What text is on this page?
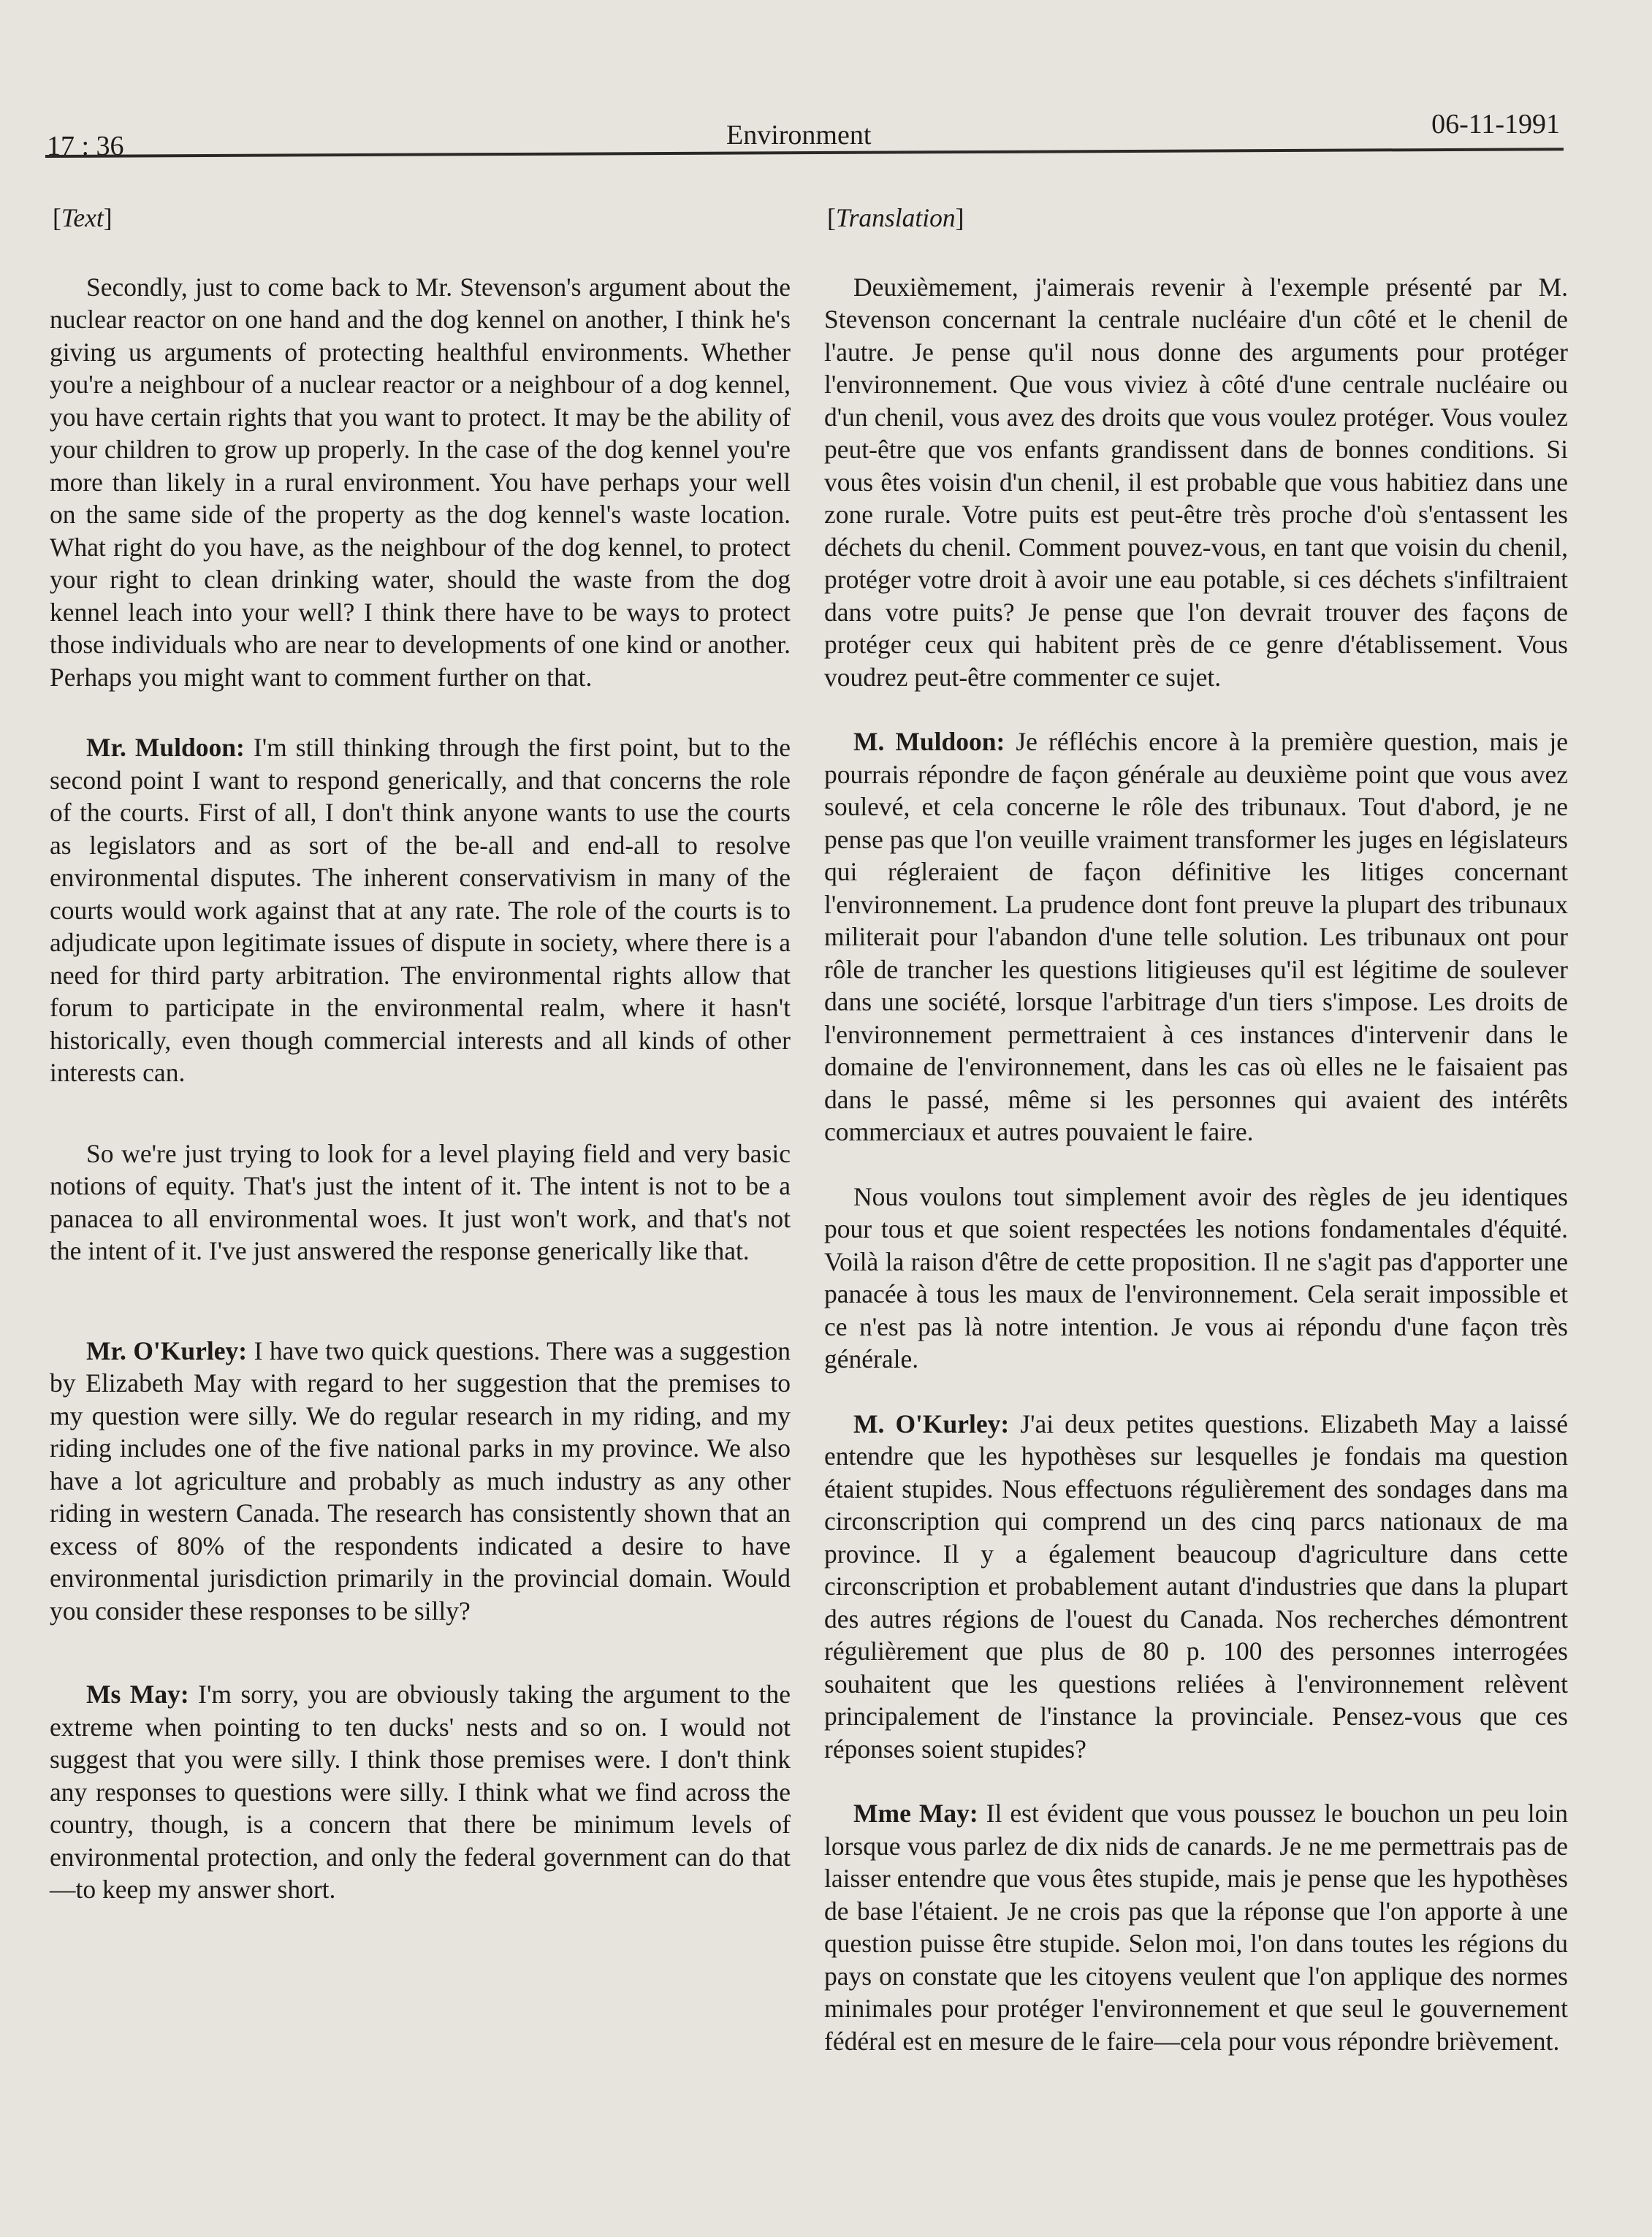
17 : 36	Environment	06-11-1991
[ Text ]

Secondly, just to come back to Mr. Stevenson's argument about the nuclear reactor on one hand and the dog kennel on another, I think he's giving us arguments of protecting healthful environments. Whether you're a neighbour of a nuclear reactor or a neighbour of a dog kennel, you have certain rights that you want to protect. It may be the ability of your children to grow up properly. In the case of the dog kennel you're more than likely in a rural environment. You have perhaps your well on the same side of the property as the dog kennel's waste location. What right do you have, as the neighbour of the dog kennel, to protect your right to clean drinking water, should the waste from the dog kennel leach into your well? I think there have to be ways to protect those individuals who are near to developments of one kind or another. Perhaps you might want to comment further on that.

Mr. Muldoon: I'm still thinking through the first point, but to the second point I want to respond generically, and that concerns the role of the courts. First of all, I don't think anyone wants to use the courts as legislators and as sort of the be-all and end-all to resolve environmental disputes. The inherent conservativism in many of the courts would work against that at any rate. The role of the courts is to adjudicate upon legitimate issues of dispute in society, where there is a need for third party arbitration. The environmental rights allow that forum to participate in the environmental realm, where it hasn't historically, even though commercial interests and all kinds of other interests can.

So we're just trying to look for a level playing field and very basic notions of equity. That's just the intent of it. The intent is not to be a panacea to all environmental woes. It just won't work, and that's not the intent of it. I've just answered the response generically like that.

Mr. O'Kurley: I have two quick questions. There was a suggestion by Elizabeth May with regard to her suggestion that the premises to my question were silly. We do regular research in my riding, and my riding includes one of the five national parks in my province. We also have a lot agriculture and probably as much industry as any other riding in western Canada. The research has consistently shown that an excess of 80% of the respondents indicated a desire to have environmental jurisdiction primarily in the provincial domain. Would you consider these responses to be silly?

Ms May: I'm sorry, you are obviously taking the argument to the extreme when pointing to ten ducks' nests and so on. I would not suggest that you were silly. I think those premises were. I don't think any responses to questions were silly. I think what we find across the country, though, is a concern that there be minimum levels of environmental protection, and only the federal government can do that—to keep my answer short.

[ Translation ]

Deuxièmement, j'aimerais revenir à l'exemple présenté par M. Stevenson concernant la centrale nucléaire d'un côté et le chenil de l'autre. Je pense qu'il nous donne des arguments pour protéger l'environnement. Que vous viviez à côté d'une centrale nucléaire ou d'un chenil, vous avez des droits que vous voulez protéger. Vous voulez peut-être que vos enfants grandissent dans de bonnes conditions. Si vous êtes voisin d'un chenil, il est probable que vous habitiez dans une zone rurale. Votre puits est peut-être très proche d'où s'entassent les déchets du chenil. Comment pouvez-vous, en tant que voisin du chenil, protéger votre droit à avoir une eau potable, si ces déchets s'infiltraient dans votre puits? Je pense que l'on devrait trouver des façons de protéger ceux qui habitent près de ce genre d'établissement. Vous voudrez peut-être commenter ce sujet.

M. Muldoon: Je réfléchis encore à la première question, mais je pourrais répondre de façon générale au deuxième point que vous avez soulevé, et cela concerne le rôle des tribunaux. Tout d'abord, je ne pense pas que l'on veuille vraiment transformer les juges en législateurs qui régleraient de façon définitive les litiges concernant l'environnement. La prudence dont font preuve la plupart des tribunaux militerait pour l'abandon d'une telle solution. Les tribunaux ont pour rôle de trancher les questions litigieuses qu'il est légitime de soulever dans une société, lorsque l'arbitrage d'un tiers s'impose. Les droits de l'environnement permettraient à ces instances d'intervenir dans le domaine de l'environnement, dans les cas où elles ne le faisaient pas dans le passé, même si les personnes qui avaient des intérêts commerciaux et autres pouvaient le faire.

Nous voulons tout simplement avoir des règles de jeu identiques pour tous et que soient respectées les notions fondamentales d'équité. Voilà la raison d'être de cette proposition. Il ne s'agit pas d'apporter une panacée à tous les maux de l'environnement. Cela serait impossible et ce n'est pas là notre intention. Je vous ai répondu d'une façon très générale.

M. O'Kurley: J'ai deux petites questions. Elizabeth May a laissé entendre que les hypothèses sur lesquelles je fondais ma question étaient stupides. Nous effectuons régulièrement des sondages dans ma circonscription qui comprend un des cinq parcs nationaux de ma province. Il y a également beaucoup d'agriculture dans cette circonscription et probablement autant d'industries que dans la plupart des autres régions de l'ouest du Canada. Nos recherches démontrent régulièrement que plus de 80 p. 100 des personnes interrogées souhaitent que les questions reliées à l'environnement relèvent principalement de l'instance la provinciale. Pensez-vous que ces réponses soient stupides?

Mme May: Il est évident que vous poussez le bouchon un peu loin lorsque vous parlez de dix nids de canards. Je ne me permettrais pas de laisser entendre que vous êtes stupide, mais je pense que les hypothèses de base l'étaient. Je ne crois pas que la réponse que l'on apporte à une question puisse être stupide. Selon moi, l'on dans toutes les régions du pays on constate que les citoyens veulent que l'on applique des normes minimales pour protéger l'environnement et que seul le gouvernement fédéral est en mesure de le faire—cela pour vous répondre brièvement.
